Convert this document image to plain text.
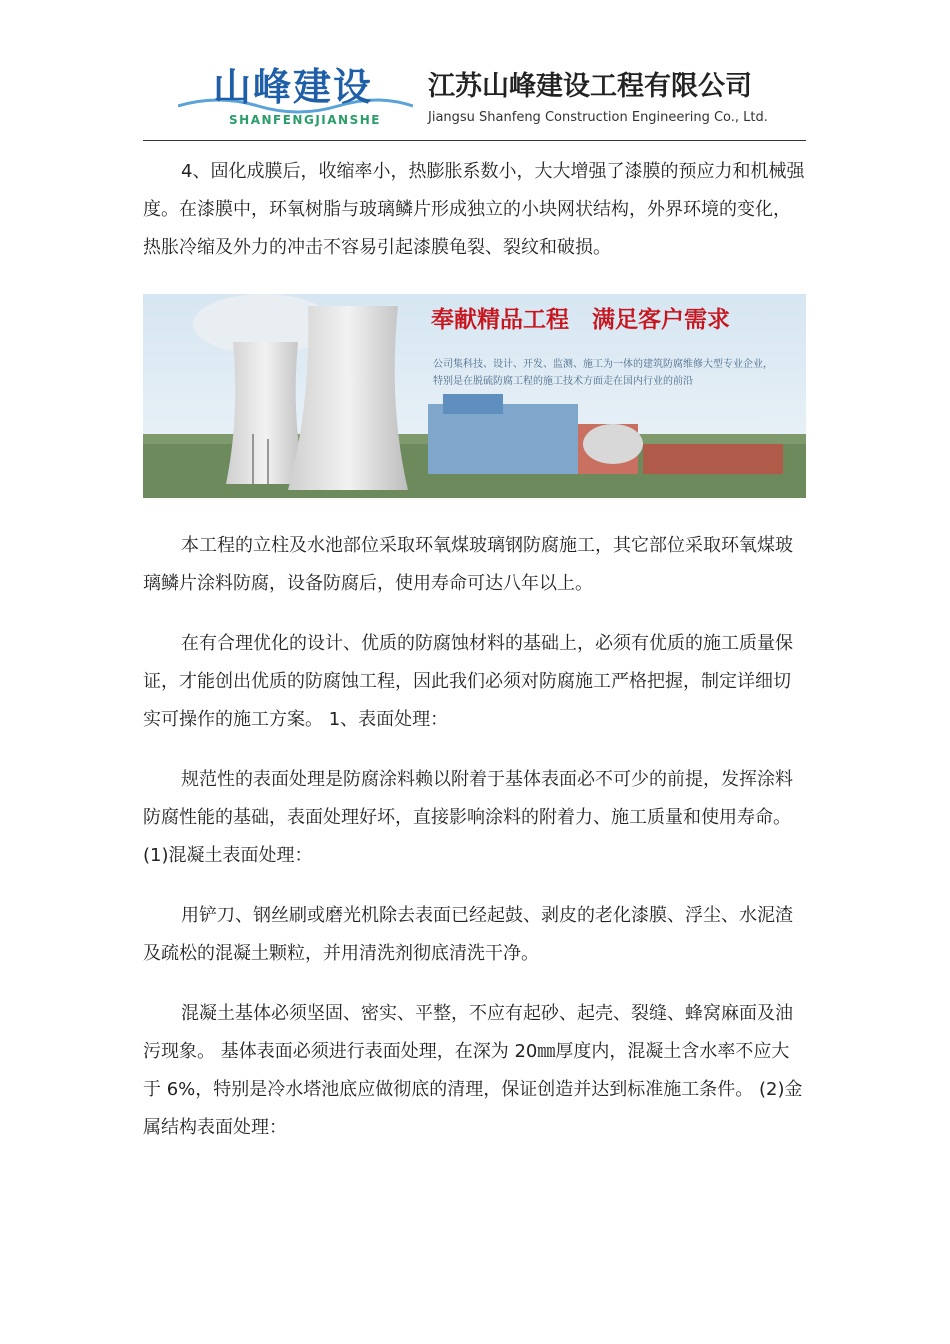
山峰建设
SHANFENGJIANSHE
江苏山峰建设工程有限公司
Jiangsu Shanfeng Construction Engineering Co., Ltd.

4、固化成膜后，收缩率小，热膨胀系数小，大大增强了漆膜的预应力和机械强度。在漆膜中，环氧树脂与玻璃鳞片形成独立的小块网状结构，外界环境的变化，热胀冷缩及外力的冲击不容易引起漆膜龟裂、裂纹和破损。

奉献精品工程　满足客户需求
公司集科技、设计、开发、监测、施工为一体的建筑防腐维修大型专业企业，特别是在脱硫防腐工程的施工技术方面走在国内行业的前沿

本工程的立柱及水池部位采取环氧煤玻璃钢防腐施工，其它部位采取环氧煤玻璃鳞片涂料防腐，设备防腐后，使用寿命可达八年以上。

在有合理优化的设计、优质的防腐蚀材料的基础上，必须有优质的施工质量保证，才能创出优质的防腐蚀工程，因此我们必须对防腐施工严格把握，制定详细切实可操作的施工方案。 1、表面处理：

规范性的表面处理是防腐涂料赖以附着于基体表面必不可少的前提，发挥涂料防腐性能的基础，表面处理好坏，直接影响涂料的附着力、施工质量和使用寿命。 (1)混凝土表面处理：

用铲刀、钢丝刷或磨光机除去表面已经起鼓、剥皮的老化漆膜、浮尘、水泥渣及疏松的混凝土颗粒，并用清洗剂彻底清洗干净。

混凝土基体必须坚固、密实、平整，不应有起砂、起壳、裂缝、蜂窝麻面及油污现象。 基体表面必须进行表面处理，在深为 20㎜厚度内，混凝土含水率不应大于 6%，特别是冷水塔池底应做彻底的清理，保证创造并达到标准施工条件。 (2)金属结构表面处理：
